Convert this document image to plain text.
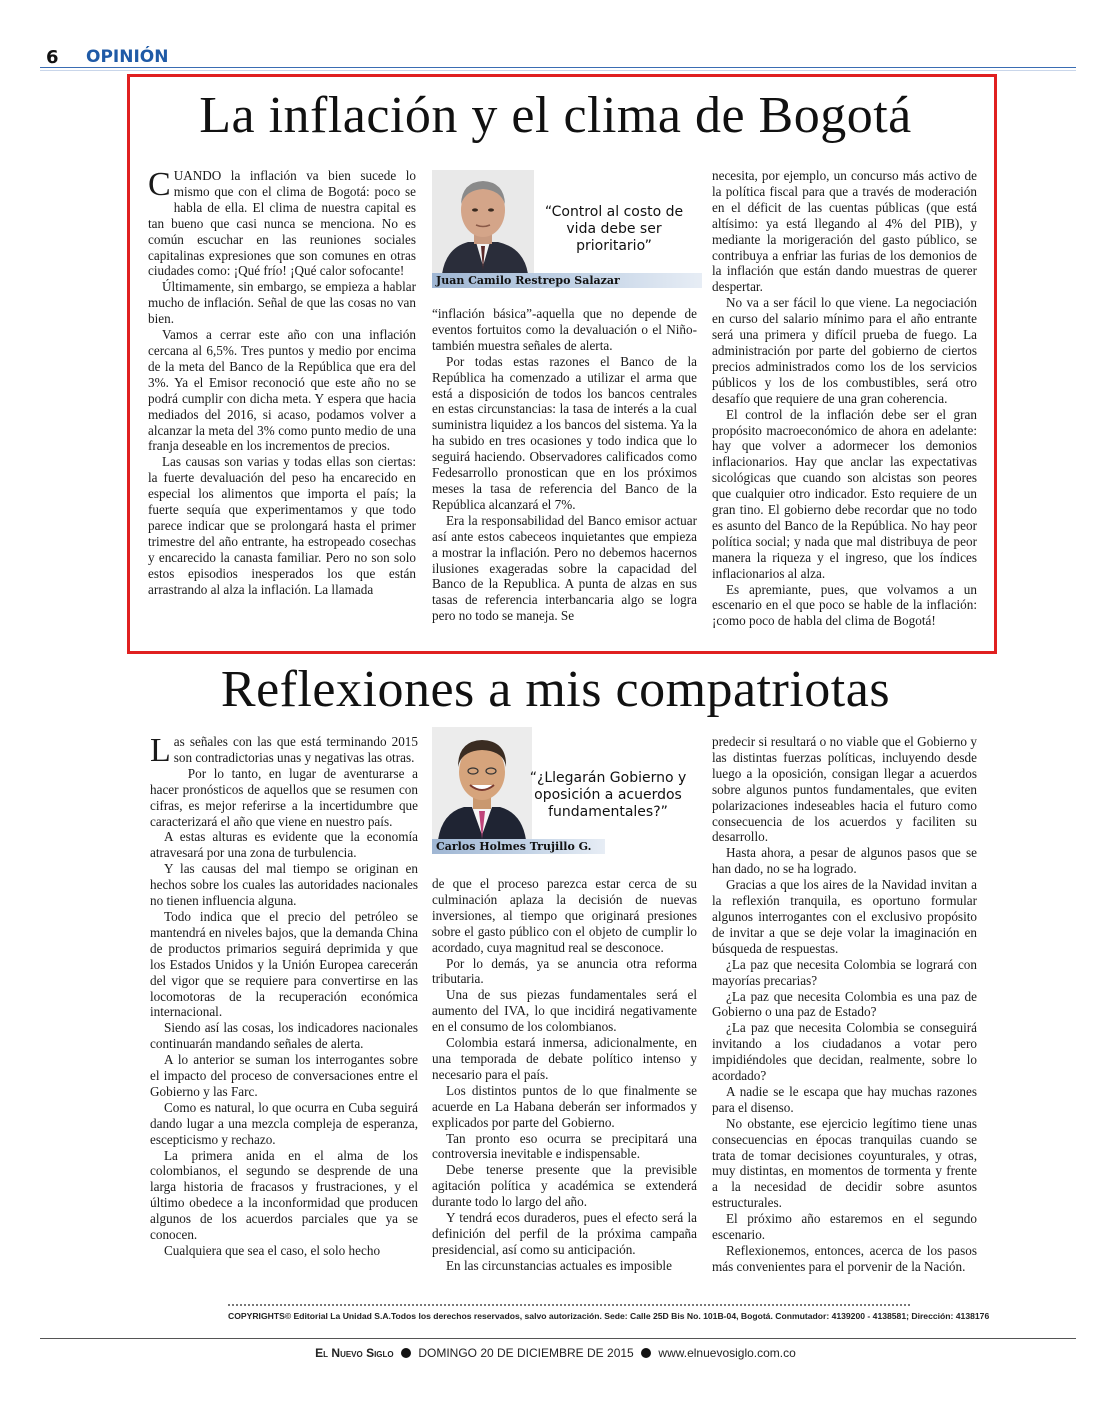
6 OPINIÓN
La inflación y el clima de Bogotá

CUANDO la inflación va bien sucede lo mismo que con el clima de Bogotá: poco se habla de ella. El clima de nuestra capital es tan bueno que casi nunca se menciona. No es común escuchar en las reuniones sociales capitalinas expresiones que son comunes en otras ciudades como: ¡Qué frío! ¡Qué calor sofocante!

Últimamente, sin embargo, se empieza a hablar mucho de inflación. Señal de que las cosas no van bien.

Vamos a cerrar este año con una inflación cercana al 6,5%. Tres puntos y medio por encima de la meta del Banco de la República que era del 3%. Ya el Emisor reconoció que este año no se podrá cumplir con dicha meta. Y espera que hacia mediados del 2016, si acaso, podamos volver a alcanzar la meta del 3% como punto medio de una franja deseable en los incrementos de precios.

Las causas son varias y todas ellas son ciertas: la fuerte devaluación del peso ha encarecido en especial los alimentos que importa el país; la fuerte sequía que experimentamos y que todo parece indicar que se prolongará hasta el primer trimestre del año entrante, ha estropeado cosechas y encarecido la canasta familiar. Pero no son solo estos episodios inesperados los que están arrastrando al alza la inflación. La llamada

Juan Camilo Restrepo Salazar
“Control al costo de vida debe ser prioritario”

“inflación básica”-aquella que no depende de eventos fortuitos como la devaluación o el Niño- también muestra señales de alerta.

Por todas estas razones el Banco de la República ha comenzado a utilizar el arma que está a disposición de todos los bancos centrales en estas circunstancias: la tasa de interés a la cual suministra liquidez a los bancos del sistema. Ya la ha subido en tres ocasiones y todo indica que lo seguirá haciendo. Observadores calificados como Fedesarrollo pronostican que en los próximos meses la tasa de referencia del Banco de la República alcanzará el 7%.

Era la responsabilidad del Banco emisor actuar así ante estos cabeceos inquietantes que empieza a mostrar la inflación. Pero no debemos hacernos ilusiones exageradas sobre la capacidad del Banco de la Republica. A punta de alzas en sus tasas de referencia interbancaria algo se logra pero no todo se maneja. Se

necesita, por ejemplo, un concurso más activo de la política fiscal para que a través de moderación en el déficit de las cuentas públicas (que está altísimo: ya está llegando al 4% del PIB), y mediante la morigeración del gasto público, se contribuya a enfriar las furias de los demonios de la inflación que están dando muestras de querer despertar.

No va a ser fácil lo que viene. La negociación en curso del salario mínimo para el año entrante será una primera y difícil prueba de fuego. La administración por parte del gobierno de ciertos precios administrados como los de los servicios públicos y los de los combustibles, será otro desafío que requiere de una gran coherencia.

El control de la inflación debe ser el gran propósito macroeconómico de ahora en adelante: hay que volver a adormecer los demonios inflacionarios. Hay que anclar las expectativas sicológicas que cuando son alcistas son peores que cualquier otro indicador. Esto requiere de un gran tino. El gobierno debe recordar que no todo es asunto del Banco de la República. No hay peor política social; y nada que mal distribuya de peor manera la riqueza y el ingreso, que los índices inflacionarios al alza.

Es apremiante, pues, que volvamos a un escenario en el que poco se hable de la inflación: ¡como poco de habla del clima de Bogotá!

Reflexiones a mis compatriotas

Las señales con las que está terminando 2015 son contradictorias unas y negativas las otras.

Por lo tanto, en lugar de aventurarse a hacer pronósticos de aquellos que se resumen con cifras, es mejor referirse a la incertidumbre que caracterizará el año que viene en nuestro país.

A estas alturas es evidente que la economía atravesará por una zona de turbulencia.

Y las causas del mal tiempo se originan en hechos sobre los cuales las autoridades nacionales no tienen influencia alguna.

Todo indica que el precio del petróleo se mantendrá en niveles bajos, que la demanda China de productos primarios seguirá deprimida y que los Estados Unidos y la Unión Europea carecerán del vigor que se requiere para convertirse en las locomotoras de la recuperación económica internacional.

Siendo así las cosas, los indicadores nacionales continuarán mandando señales de alerta.

A lo anterior se suman los interrogantes sobre el impacto del proceso de conversaciones entre el Gobierno y las Farc.

Como es natural, lo que ocurra en Cuba seguirá dando lugar a una mezcla compleja de esperanza, escepticismo y rechazo.

La primera anida en el alma de los colombianos, el segundo se desprende de una larga historia de fracasos y frustraciones, y el último obedece a la inconformidad que producen algunos de los acuerdos parciales que ya se conocen.

Cualquiera que sea el caso, el solo hecho

Carlos Holmes Trujillo G.
“¿Llegarán Gobierno y oposición a acuerdos fundamentales?”

de que el proceso parezca estar cerca de su culminación aplaza la decisión de nuevas inversiones, al tiempo que originará presiones sobre el gasto público con el objeto de cumplir lo acordado, cuya magnitud real se desconoce.

Por lo demás, ya se anuncia otra reforma tributaria.

Una de sus piezas fundamentales será el aumento del IVA, lo que incidirá negativamente en el consumo de los colombianos.

Colombia estará inmersa, adicionalmente, en una temporada de debate político intenso y necesario para el país.

Los distintos puntos de lo que finalmente se acuerde en La Habana deberán ser informados y explicados por parte del Gobierno.

Tan pronto eso ocurra se precipitará una controversia inevitable e indispensable.

Debe tenerse presente que la previsible agitación política y académica se extenderá durante todo lo largo del año.

Y tendrá ecos duraderos, pues el efecto será la definición del perfil de la próxima campaña presidencial, así como su anticipación.

En las circunstancias actuales es imposible

predecir si resultará o no viable que el Gobierno y las distintas fuerzas políticas, incluyendo desde luego a la oposición, consigan llegar a acuerdos sobre algunos puntos fundamentales, que eviten polarizaciones indeseables hacia el futuro como consecuencia de los acuerdos y faciliten su desarrollo.

Hasta ahora, a pesar de algunos pasos que se han dado, no se ha logrado.

Gracias a que los aires de la Navidad invitan a la reflexión tranquila, es oportuno formular algunos interrogantes con el exclusivo propósito de invitar a que se deje volar la imaginación en búsqueda de respuestas.

¿La paz que necesita Colombia se logrará con mayorías precarias?

¿La paz que necesita Colombia es una paz de Gobierno o una paz de Estado?

¿La paz que necesita Colombia se conseguirá invitando a los ciudadanos a votar pero impidiéndoles que decidan, realmente, sobre lo acordado?

A nadie se le escapa que hay muchas razones para el disenso.

No obstante, ese ejercicio legítimo tiene unas consecuencias en épocas tranquilas cuando se trata de tomar decisiones coyunturales, y otras, muy distintas, en momentos de tormenta y frente a la necesidad de decidir sobre asuntos estructurales.

El próximo año estaremos en el segundo escenario.

Reflexionemos, entonces, acerca de los pasos más convenientes para el porvenir de la Nación.

COPYRIGHTS© Editorial La Unidad S.A.Todos los derechos reservados, salvo autorización. Sede: Calle 25D Bis No. 101B-04, Bogotá. Conmutador: 4139200 - 4138581; Dirección: 4138176
El Nuevo Siglo DOMINGO 20 DE DICIEMBRE DE 2015 www.elnuevosiglo.com.co
